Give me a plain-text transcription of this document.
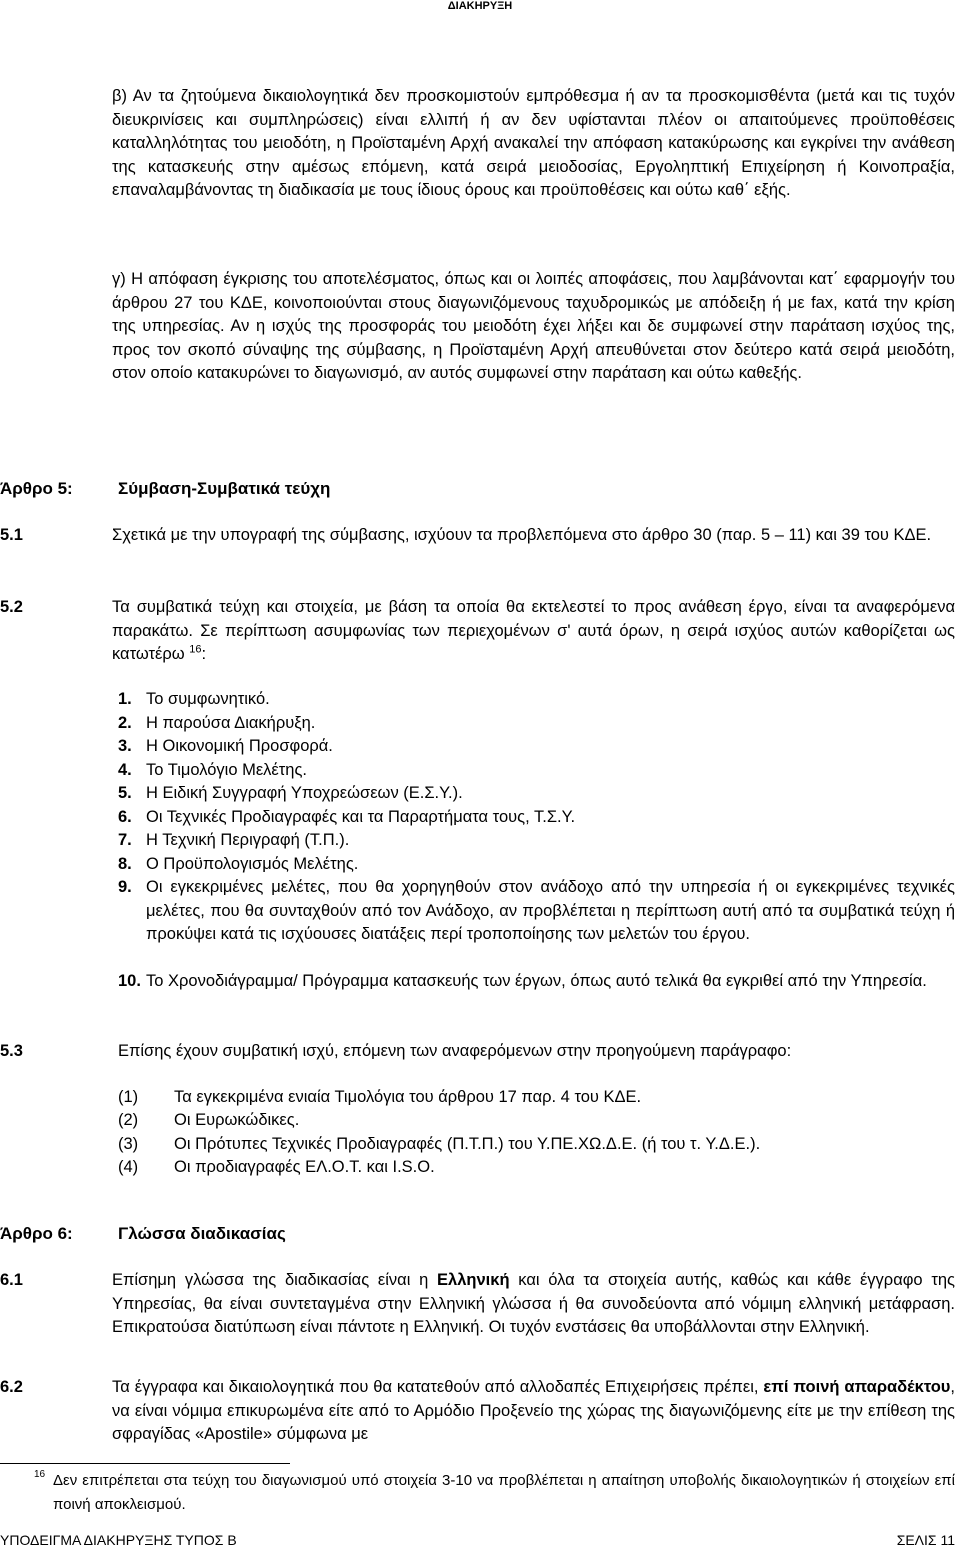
ΔΙΑΚΗΡΥΞΗ
β) Αν τα ζητούμενα δικαιολογητικά δεν προσκομιστούν εμπρόθεσμα ή αν τα προσκομισθέντα (μετά και τις τυχόν διευκρινίσεις και συμπληρώσεις) είναι ελλιπή ή αν δεν υφίστανται πλέον οι απαιτούμενες προϋποθέσεις καταλληλότητας του μειοδότη, η Προϊσταμένη Αρχή ανακαλεί την απόφαση κατακύρωσης και εγκρίνει την ανάθεση της κατασκευής στην αμέσως επόμενη, κατά σειρά μειοδοσίας, Εργοληπτική Επιχείρηση ή Κοινοπραξία, επαναλαμβάνοντας τη διαδικασία με τους ίδιους όρους και προϋποθέσεις και ούτω καθ΄ εξής.
γ) Η απόφαση έγκρισης του αποτελέσματος, όπως και οι λοιπές αποφάσεις, που λαμβάνονται κατ΄ εφαρμογήν του άρθρου 27 του ΚΔΕ, κοινοποιούνται στους διαγωνιζόμενους ταχυδρομικώς με απόδειξη ή με fax, κατά την κρίση της υπηρεσίας. Αν η ισχύς της προσφοράς του μειοδότη έχει λήξει και δε συμφωνεί στην παράταση ισχύος της, προς τον σκοπό σύναψης της σύμβασης, η Προϊσταμένη Αρχή απευθύνεται στον δεύτερο κατά σειρά μειοδότη, στον οποίο κατακυρώνει το διαγωνισμό, αν αυτός συμφωνεί στην παράταση και ούτω καθεξής.
Άρθρο 5:	Σύμβαση-Συμβατικά τεύχη
5.1	Σχετικά με την υπογραφή της σύμβασης, ισχύουν τα προβλεπόμενα στο άρθρο 30 (παρ. 5 – 11) και 39 του ΚΔΕ.
5.2	Τα συμβατικά τεύχη και στοιχεία, με βάση τα οποία θα εκτελεστεί το προς ανάθεση έργο, είναι τα αναφερόμενα παρακάτω. Σε περίπτωση ασυμφωνίας των περιεχομένων σ' αυτά όρων, η σειρά ισχύος αυτών καθορίζεται ως κατωτέρω $^{16}$:
1. Το συμφωνητικό.
2. Η παρούσα Διακήρυξη.
3. Η Οικονομική Προσφορά.
4. Το Τιμολόγιο Μελέτης.
5. Η Ειδική Συγγραφή Υποχρεώσεων (Ε.Σ.Υ.).
6. Οι Τεχνικές Προδιαγραφές και τα Παραρτήματα τους, Τ.Σ.Υ.
7. Η Τεχνική Περιγραφή (Τ.Π.).
8. Ο Προϋπολογισμός Μελέτης.
9. Οι εγκεκριμένες μελέτες, που θα χορηγηθούν στον ανάδοχο από την υπηρεσία ή οι εγκεκριμένες τεχνικές μελέτες, που θα συνταχθούν από τον Ανάδοχο, αν προβλέπεται η περίπτωση αυτή από τα συμβατικά τεύχη ή προκύψει κατά τις ισχύουσες διατάξεις περί τροποποίησης των μελετών του έργου.
10. Το Χρονοδιάγραμμα/ Πρόγραμμα κατασκευής των έργων, όπως αυτό τελικά θα εγκριθεί από την Υπηρεσία.
5.3	Επίσης έχουν συμβατική ισχύ, επόμενη των αναφερόμενων στην προηγούμενη παράγραφο:
(1) Τα εγκεκριμένα ενιαία Τιμολόγια του άρθρου 17 παρ. 4 του ΚΔΕ.
(2) Οι Ευρωκώδικες.
(3) Οι Πρότυπες Τεχνικές Προδιαγραφές (Π.Τ.Π.) του Υ.ΠΕ.ΧΩ.Δ.Ε. (ή του τ. Υ.Δ.Ε.).
(4) Οι προδιαγραφές ΕΛ.Ο.Τ. και I.S.O.
Άρθρο 6:	Γλώσσα διαδικασίας
6.1	Επίσημη γλώσσα της διαδικασίας είναι η Ελληνική και όλα τα στοιχεία αυτής, καθώς και κάθε έγγραφο της Υπηρεσίας, θα είναι συντεταγμένα στην Ελληνική γλώσσα ή θα συνοδεύοντα από νόμιμη ελληνική μετάφραση. Επικρατούσα διατύπωση είναι πάντοτε η Ελληνική. Οι τυχόν ενστάσεις θα υποβάλλονται στην Ελληνική.
6.2	Τα έγγραφα και δικαιολογητικά που θα κατατεθούν από αλλοδαπές Επιχειρήσεις πρέπει, επί ποινή απαραδέκτου, να είναι νόμιμα επικυρωμένα είτε από το Αρμόδιο Προξενείο της χώρας της διαγωνιζόμενης είτε με την επίθεση της σφραγίδας «Apostile» σύμφωνα με
$^{16}$ Δεν επιτρέπεται στα τεύχη του διαγωνισμού υπό στοιχεία 3-10 να προβλέπεται η απαίτηση υποβολής δικαιολογητικών ή στοιχείων επί ποινή αποκλεισμού.
ΥΠΟΔΕΙΓΜΑ ΔΙΑΚΗΡΥΞΗΣ ΤΥΠΟΣ Β	ΣΕΛΙΣ 11
